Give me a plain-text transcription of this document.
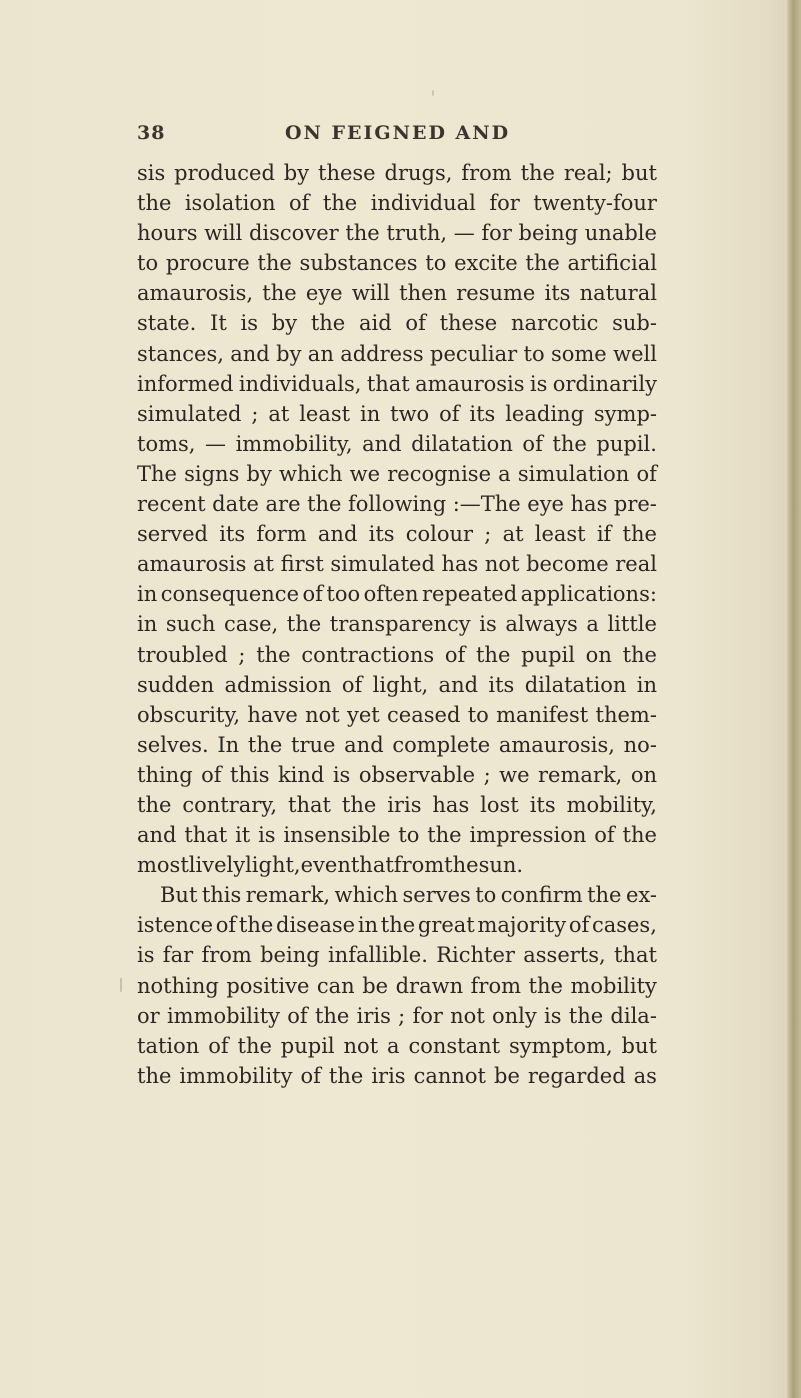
38	ON FEIGNED AND
sis produced by these drugs, from the real; but
the isolation of the individual for twenty-four
hours will discover the truth, — for being unable
to procure the substances to excite the artificial
amaurosis, the eye will then resume its natural
state. It is by the aid of these narcotic sub-
stances, and by an address peculiar to some well
informed individuals, that amaurosis is ordinarily
simulated ; at least in two of its leading symp-
toms, — immobility, and dilatation of the pupil.
The signs by which we recognise a simulation of
recent date are the following :—The eye has pre-
served its form and its colour ; at least if the
amaurosis at first simulated has not become real
in consequence of too often repeated applications:
in such case, the transparency is always a little
troubled ; the contractions of the pupil on the
sudden admission of light, and its dilatation in
obscurity, have not yet ceased to manifest them-
selves. In the true and complete amaurosis, no-
thing of this kind is observable ; we remark, on
the contrary, that the iris has lost its mobility,
and that it is insensible to the impression of the
most lively light, even that from the sun.
But this remark, which serves to confirm the ex-
istence of the disease in the great majority of cases,
is far from being infallible. Richter asserts, that
nothing positive can be drawn from the mobility
or immobility of the iris ; for not only is the dila-
tation of the pupil not a constant symptom, but
the immobility of the iris cannot be regarded as
